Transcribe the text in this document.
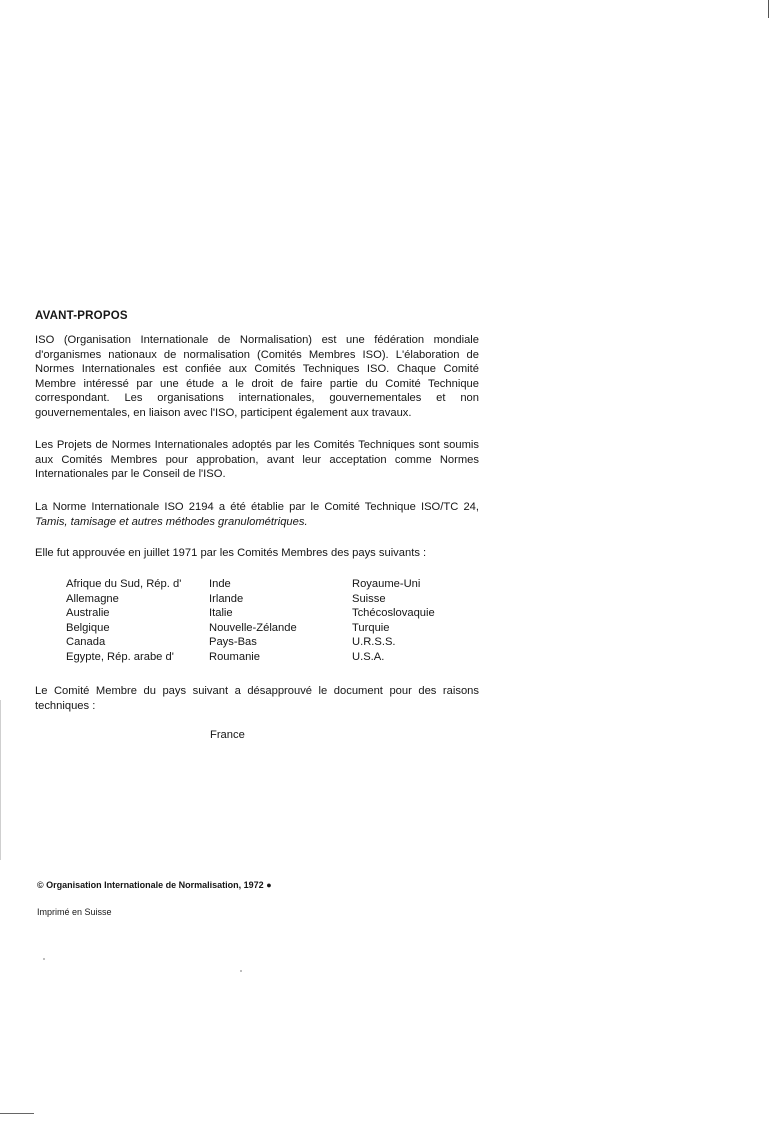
AVANT-PROPOS
ISO (Organisation Internationale de Normalisation) est une fédération mondiale d'organismes nationaux de normalisation (Comités Membres ISO). L'élaboration de Normes Internationales est confiée aux Comités Techniques ISO. Chaque Comité Membre intéressé par une étude a le droit de faire partie du Comité Technique correspondant. Les organisations internationales, gouvernementales et non gouvernementales, en liaison avec l'ISO, participent également aux travaux.
Les Projets de Normes Internationales adoptés par les Comités Techniques sont soumis aux Comités Membres pour approbation, avant leur acceptation comme Normes Internationales par le Conseil de l'ISO.
La Norme Internationale ISO 2194 a été établie par le Comité Technique ISO/TC 24, Tamis, tamisage et autres méthodes granulométriques.
Elle fut approuvée en juillet 1971 par les Comités Membres des pays suivants :
Afrique du Sud, Rép. d'
Allemagne
Australie
Belgique
Canada
Egypte, Rép. arabe d'
Inde
Irlande
Italie
Nouvelle-Zélande
Pays-Bas
Roumanie
Royaume-Uni
Suisse
Tchécoslovaquie
Turquie
U.R.S.S.
U.S.A.
Le Comité Membre du pays suivant a désapprouvé le document pour des raisons techniques :
France
© Organisation Internationale de Normalisation, 1972 ●
Imprimé en Suisse
